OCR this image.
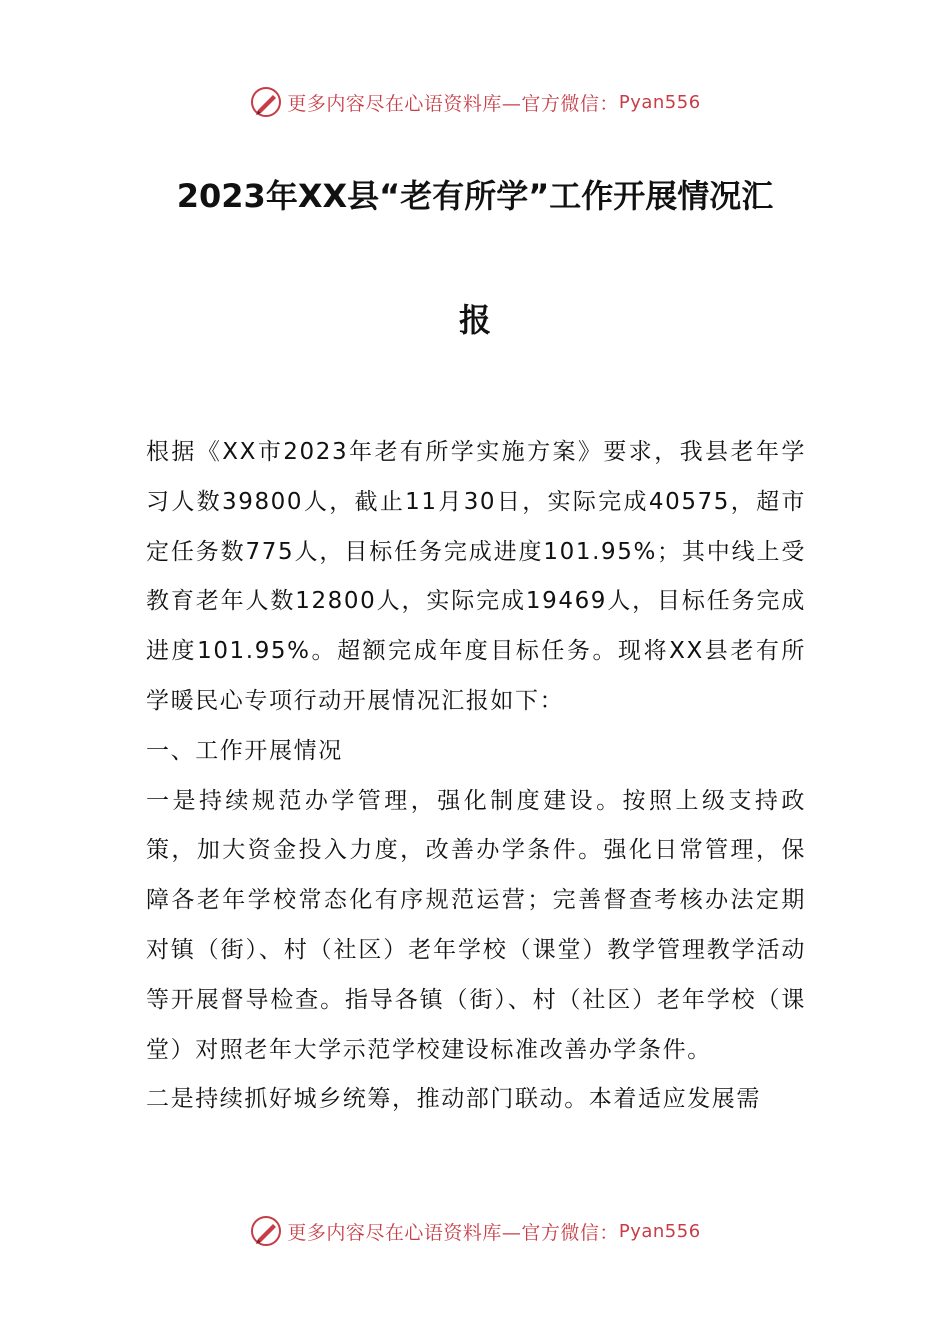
更多内容尽在心语资料库—官方微信： Pyan556
2023年XX县“老有所学”工作开展情况汇
报

根据《XX市2023年老有所学实施方案》要求，我县老年学习人数39800人，截止11月30日，实际完成40575，超市定任务数775人，目标任务完成进度101.95%；其中线上受教育老年人数12800人，实际完成19469人，目标任务完成进度101.95%。超额完成年度目标任务。现将XX县老有所学暖民心专项行动开展情况汇报如下：

一、工作开展情况

一是持续规范办学管理，强化制度建设。按照上级支持政策，加大资金投入力度，改善办学条件。强化日常管理，保障各老年学校常态化有序规范运营；完善督查考核办法定期对镇（街）、村（社区）老年学校（课堂）教学管理教学活动等开展督导检查。指导各镇（街）、村（社区）老年学校（课堂）对照老年大学示范学校建设标准改善办学条件。

二是持续抓好城乡统筹，推动部门联动。本着适应发展需

更多内容尽在心语资料库—官方微信： Pyan556
